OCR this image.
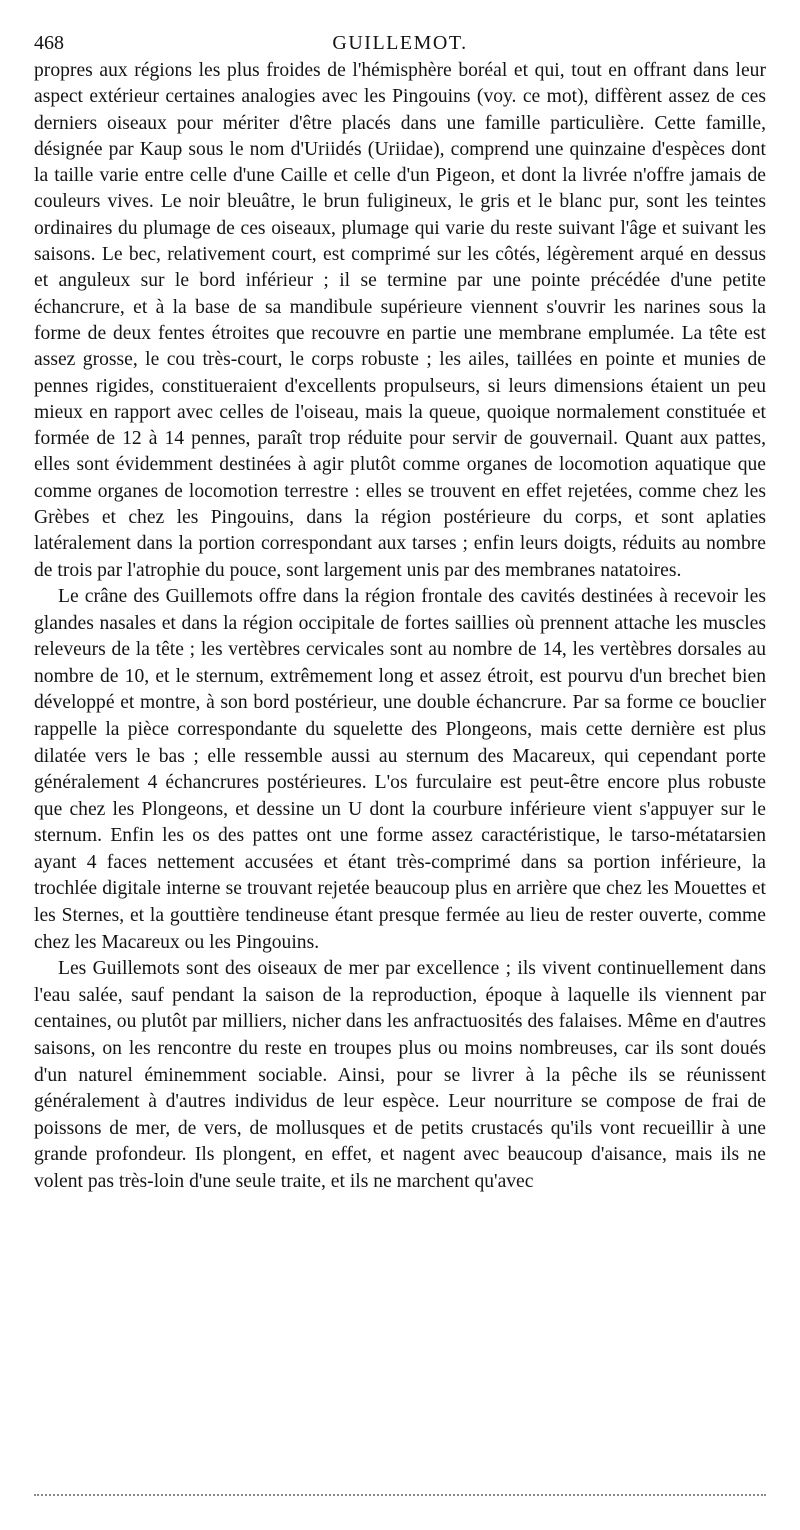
468	GUILLEMOT.

propres aux régions les plus froides de l'hémisphère boréal et qui, tout en offrant dans leur aspect extérieur certaines analogies avec les Pingouins (voy. ce mot), diffèrent assez de ces derniers oiseaux pour mériter d'être placés dans une famille particulière. Cette famille, désignée par Kaup sous le nom d'Uriidés (Uriidae), comprend une quinzaine d'espèces dont la taille varie entre celle d'une Caille et celle d'un Pigeon, et dont la livrée n'offre jamais de couleurs vives. Le noir bleuâtre, le brun fuligineux, le gris et le blanc pur, sont les teintes ordinaires du plumage de ces oiseaux, plumage qui varie du reste suivant l'âge et suivant les saisons. Le bec, relativement court, est comprimé sur les côtés, légèrement arqué en dessus et anguleux sur le bord inférieur ; il se termine par une pointe précédée d'une petite échancrure, et à la base de sa mandibule supérieure viennent s'ouvrir les narines sous la forme de deux fentes étroites que recouvre en partie une membrane emplumée. La tête est assez grosse, le cou très-court, le corps robuste ; les ailes, taillées en pointe et munies de pennes rigides, constitueraient d'excellents propulseurs, si leurs dimensions étaient un peu mieux en rapport avec celles de l'oiseau, mais la queue, quoique normalement constituée et formée de 12 à 14 pennes, paraît trop réduite pour servir de gouvernail. Quant aux pattes, elles sont évidemment destinées à agir plutôt comme organes de locomotion aquatique que comme organes de locomotion terrestre : elles se trouvent en effet rejetées, comme chez les Grèbes et chez les Pingouins, dans la région postérieure du corps, et sont aplaties latéralement dans la portion correspondant aux tarses ; enfin leurs doigts, réduits au nombre de trois par l'atrophie du pouce, sont largement unis par des membranes natatoires.

Le crâne des Guillemots offre dans la région frontale des cavités destinées à recevoir les glandes nasales et dans la région occipitale de fortes saillies où prennent attache les muscles releveurs de la tête ; les vertèbres cervicales sont au nombre de 14, les vertèbres dorsales au nombre de 10, et le sternum, extrêmement long et assez étroit, est pourvu d'un brechet bien développé et montre, à son bord postérieur, une double échancrure. Par sa forme ce bouclier rappelle la pièce correspondante du squelette des Plongeons, mais cette dernière est plus dilatée vers le bas ; elle ressemble aussi au sternum des Macareux, qui cependant porte généralement 4 échancrures postérieures. L'os furculaire est peut-être encore plus robuste que chez les Plongeons, et dessine un U dont la courbure inférieure vient s'appuyer sur le sternum. Enfin les os des pattes ont une forme assez caractéristique, le tarso-métatarsien ayant 4 faces nettement accusées et étant très-comprimé dans sa portion inférieure, la trochlée digitale interne se trouvant rejetée beaucoup plus en arrière que chez les Mouettes et les Sternes, et la gouttière tendineuse étant presque fermée au lieu de rester ouverte, comme chez les Macareux ou les Pingouins.

Les Guillemots sont des oiseaux de mer par excellence ; ils vivent continuellement dans l'eau salée, sauf pendant la saison de la reproduction, époque à laquelle ils viennent par centaines, ou plutôt par milliers, nicher dans les anfractuosités des falaises. Même en d'autres saisons, on les rencontre du reste en troupes plus ou moins nombreuses, car ils sont doués d'un naturel éminemment sociable. Ainsi, pour se livrer à la pêche ils se réunissent généralement à d'autres individus de leur espèce. Leur nourriture se compose de frai de poissons de mer, de vers, de mollusques et de petits crustacés qu'ils vont recueillir à une grande profondeur. Ils plongent, en effet, et nagent avec beaucoup d'aisance, mais ils ne volent pas très-loin d'une seule traite, et ils ne marchent qu'avec
